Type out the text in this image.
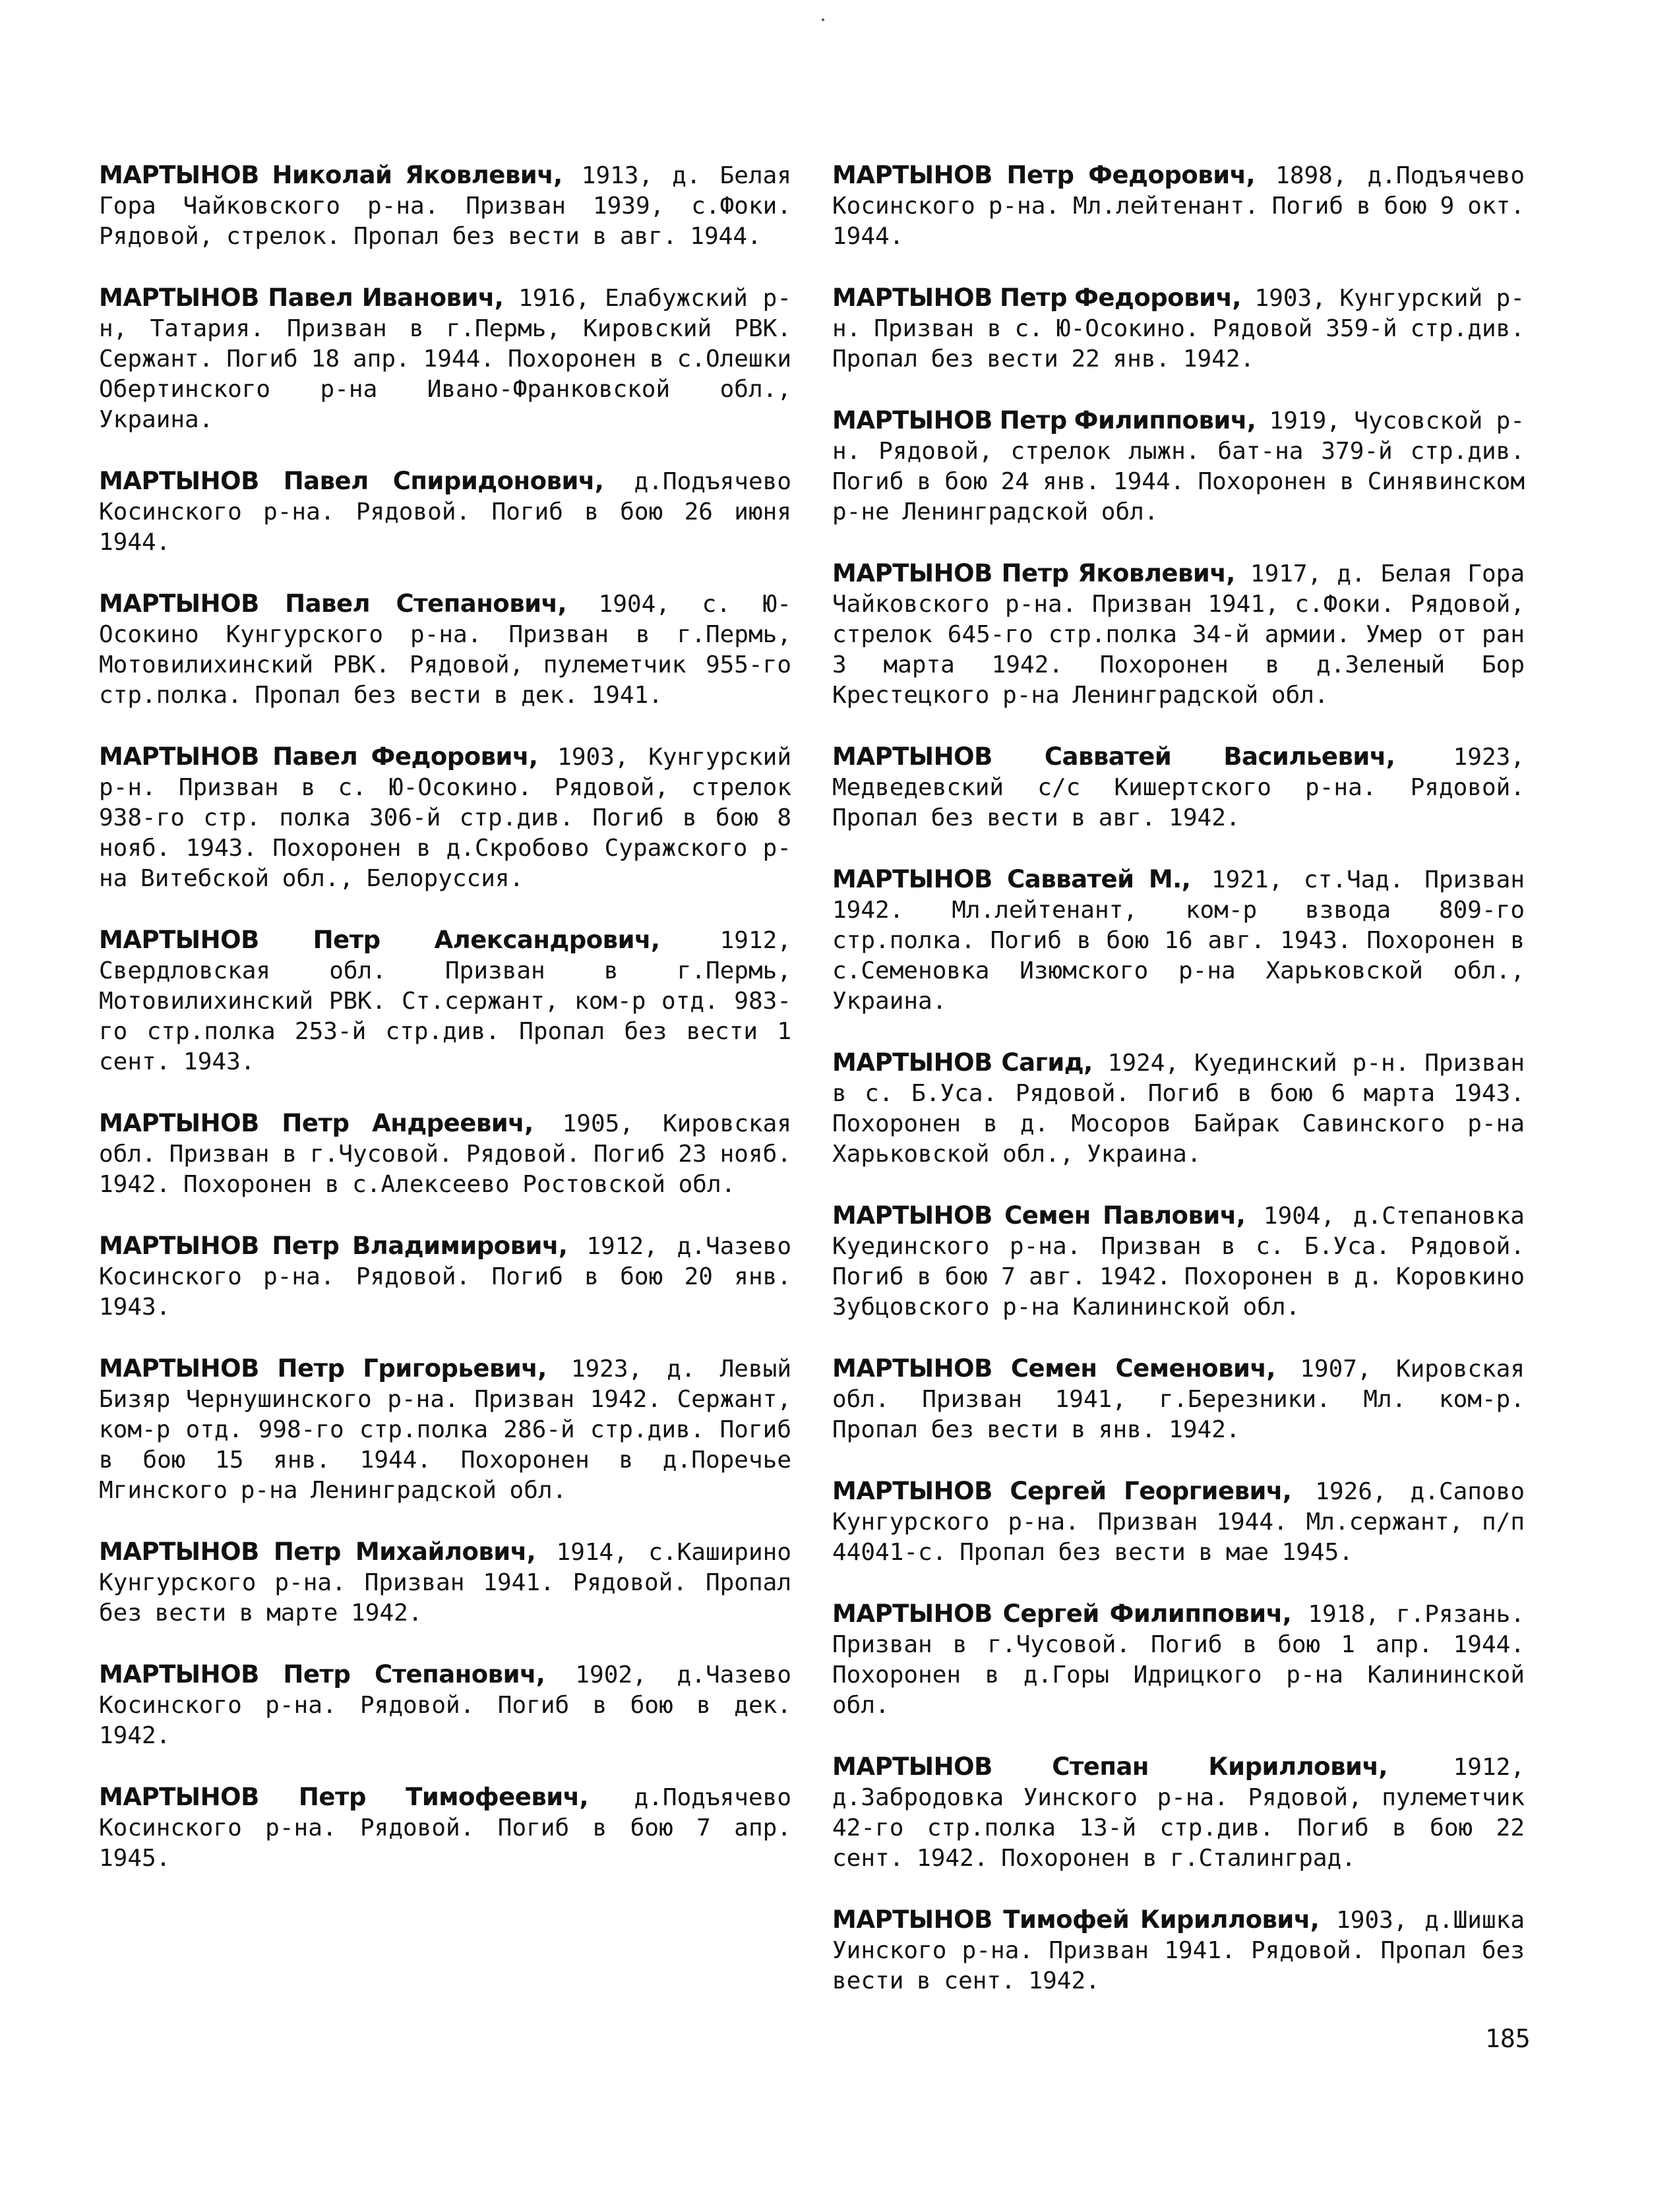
МАРТЫНОВ Николай Яковлевич, 1913, д. Белая Гора Чайковского р-на. Призван 1939, с.Фоки. Рядовой, стрелок. Пропал без вести в авг. 1944.

МАРТЫНОВ Павел Иванович, 1916, Елабужский р-н, Татария. Призван в г.Пермь, Кировский РВК. Сержант. Погиб 18 апр. 1944. Похоронен в с.Олешки Обертинского р-на Ивано-Франковской обл., Украина.

МАРТЫНОВ Павел Спиридонович, д.Подъячево Косинского р-на. Рядовой. Погиб в бою 26 июня 1944.

МАРТЫНОВ Павел Степанович, 1904, с. Ю-Осокино Кунгурского р-на. Призван в г.Пермь, Мотовилихинский РВК. Рядовой, пулеметчик 955-го стр.полка. Пропал без вести в дек. 1941.

МАРТЫНОВ Павел Федорович, 1903, Кунгурский р-н. Призван в с. Ю-Осокино. Рядовой, стрелок 938-го стр. полка 306-й стр.див. Погиб в бою 8 нояб. 1943. Похоронен в д.Скробово Суражского р-на Витебской обл., Белоруссия.

МАРТЫНОВ Петр Александрович, 1912, Свердловская обл. Призван в г.Пермь, Мотовилихинский РВК. Ст.сержант, ком-р отд. 983-го стр.полка 253-й стр.див. Пропал без вести 1 сент. 1943.

МАРТЫНОВ Петр Андреевич, 1905, Кировская обл. Призван в г.Чусовой. Рядовой. Погиб 23 нояб. 1942. Похоронен в с.Алексеево Ростовской обл.

МАРТЫНОВ Петр Владимирович, 1912, д.Чазево Косинского р-на. Рядовой. Погиб в бою 20 янв. 1943.

МАРТЫНОВ Петр Григорьевич, 1923, д. Левый Бизяр Чернушинского р-на. Призван 1942. Сержант, ком-р отд. 998-го стр.полка 286-й стр.див. Погиб в бою 15 янв. 1944. Похоронен в д.Поречье Мгинского р-на Ленинградской обл.

МАРТЫНОВ Петр Михайлович, 1914, с.Каширино Кунгурского р-на. Призван 1941. Рядовой. Пропал без вести в марте 1942.

МАРТЫНОВ Петр Степанович, 1902, д.Чазево Косинского р-на. Рядовой. Погиб в бою в дек. 1942.

МАРТЫНОВ Петр Тимофеевич, д.Подъячево Косинского р-на. Рядовой. Погиб в бою 7 апр. 1945.

МАРТЫНОВ Петр Федорович, 1898, д.Подъячево Косинского р-на. Мл.лейтенант. Погиб в бою 9 окт. 1944.

МАРТЫНОВ Петр Федорович, 1903, Кунгурский р-н. Призван в с. Ю-Осокино. Рядовой 359-й стр.див. Пропал без вести 22 янв. 1942.

МАРТЫНОВ Петр Филиппович, 1919, Чусовской р-н. Рядовой, стрелок лыжн. бат-на 379-й стр.див. Погиб в бою 24 янв. 1944. Похоронен в Синявинском р-не Ленинградской обл.

МАРТЫНОВ Петр Яковлевич, 1917, д. Белая Гора Чайковского р-на. Призван 1941, с.Фоки. Рядовой, стрелок 645-го стр.полка 34-й армии. Умер от ран 3 марта 1942. Похоронен в д.Зеленый Бор Крестецкого р-на Ленинградской обл.

МАРТЫНОВ Савватей Васильевич, 1923, Медведевский с/с Кишертского р-на. Рядовой. Пропал без вести в авг. 1942.

МАРТЫНОВ Савватей М., 1921, ст.Чад. Призван 1942. Мл.лейтенант, ком-р взвода 809-го стр.полка. Погиб в бою 16 авг. 1943. Похоронен в с.Семеновка Изюмского р-на Харьковской обл., Украина.

МАРТЫНОВ Сагид, 1924, Куединский р-н. Призван в с. Б.Уса. Рядовой. Погиб в бою 6 марта 1943. Похоронен в д. Мосоров Байрак Савинского р-на Харьковской обл., Украина.

МАРТЫНОВ Семен Павлович, 1904, д.Степановка Куединского р-на. Призван в с. Б.Уса. Рядовой. Погиб в бою 7 авг. 1942. Похоронен в д. Коровкино Зубцовского р-на Калининской обл.

МАРТЫНОВ Семен Семенович, 1907, Кировская обл. Призван 1941, г.Березники. Мл. ком-р. Пропал без вести в янв. 1942.

МАРТЫНОВ Сергей Георгиевич, 1926, д.Сапово Кунгурского р-на. Призван 1944. Мл.сержант, п/п 44041-с. Пропал без вести в мае 1945.

МАРТЫНОВ Сергей Филиппович, 1918, г.Рязань. Призван в г.Чусовой. Погиб в бою 1 апр. 1944. Похоронен в д.Горы Идрицкого р-на Калининской обл.

МАРТЫНОВ Степан Кириллович, 1912, д.Забродовка Уинского р-на. Рядовой, пулеметчик 42-го стр.полка 13-й стр.див. Погиб в бою 22 сент. 1942. Похоронен в г.Сталинград.

МАРТЫНОВ Тимофей Кириллович, 1903, д.Шишка Уинского р-на. Призван 1941. Рядовой. Пропал без вести в сент. 1942.

185
